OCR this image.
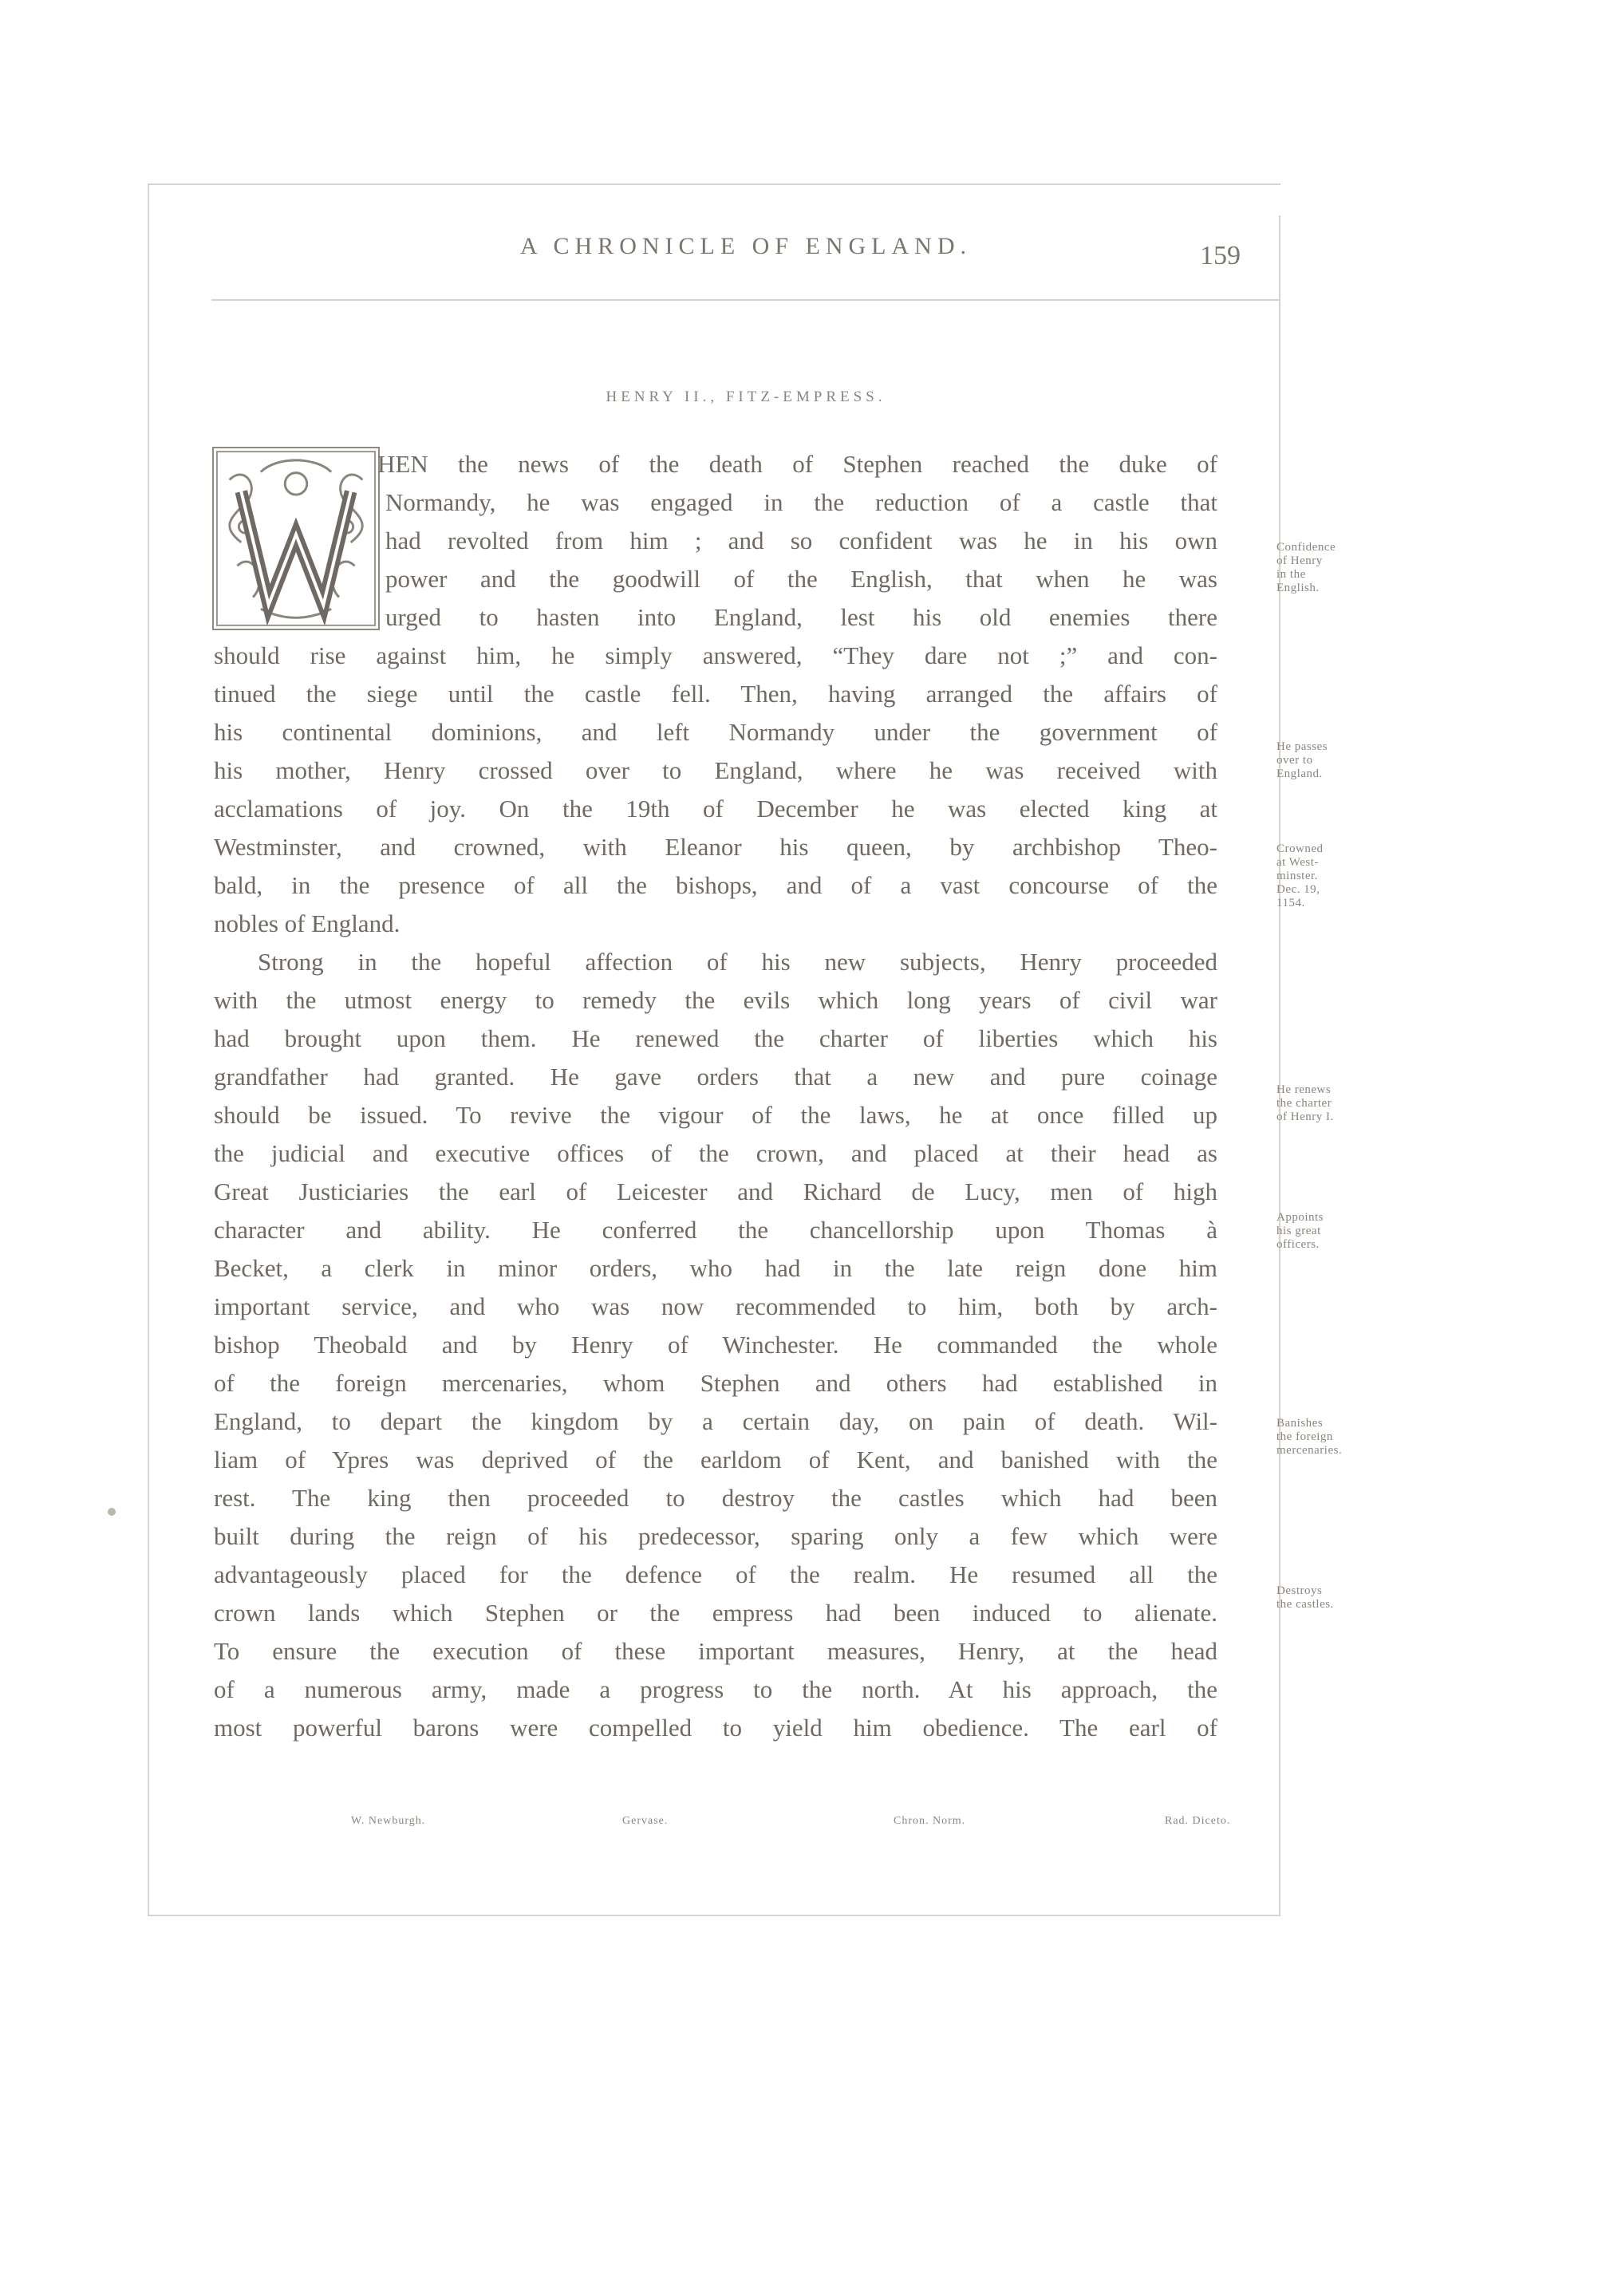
A CHRONICLE OF ENGLAND.	159
HENRY II., FITZ-EMPRESS.
HEN the news of the death of Stephen reached the duke of
Normandy, he was engaged in the reduction of a castle that
had revolted from him ; and so confident was he in his own
power and the goodwill of the English, that when he was
urged to hasten into England, lest his old enemies there
should rise against him, he simply answered, “They dare not ;” and con-
tinued the siege until the castle fell. Then, having arranged the affairs of
his continental dominions, and left Normandy under the government of
his mother, Henry crossed over to England, where he was received with
acclamations of joy. On the 19th of December he was elected king at
Westminster, and crowned, with Eleanor his queen, by archbishop Theo-
bald, in the presence of all the bishops, and of a vast concourse of the
nobles of England.
Strong in the hopeful affection of his new subjects, Henry proceeded
with the utmost energy to remedy the evils which long years of civil war
had brought upon them. He renewed the charter of liberties which his
grandfather had granted. He gave orders that a new and pure coinage
should be issued. To revive the vigour of the laws, he at once filled up
the judicial and executive offices of the crown, and placed at their head as
Great Justiciaries the earl of Leicester and Richard de Lucy, men of high
character and ability. He conferred the chancellorship upon Thomas à
Becket, a clerk in minor orders, who had in the late reign done him
important service, and who was now recommended to him, both by arch-
bishop Theobald and by Henry of Winchester. He commanded the whole
of the foreign mercenaries, whom Stephen and others had established in
England, to depart the kingdom by a certain day, on pain of death. Wil-
liam of Ypres was deprived of the earldom of Kent, and banished with the
rest. The king then proceeded to destroy the castles which had been
built during the reign of his predecessor, sparing only a few which were
advantageously placed for the defence of the realm. He resumed all the
crown lands which Stephen or the empress had been induced to alienate.
To ensure the execution of these important measures, Henry, at the head
of a numerous army, made a progress to the north. At his approach, the
most powerful barons were compelled to yield him obedience. The earl of
Confidence
of Henry
in the
English.
He passes
over to
England.
Crowned
at West-
minster.
Dec. 19,
1154.
He renews
the charter
of Henry I.
Appoints
his great
officers.
Banishes
the foreign
mercenaries.
Destroys
the castles.
W. Newburgh.	Gervase.	Chron. Norm.	Rad. Diceto.
